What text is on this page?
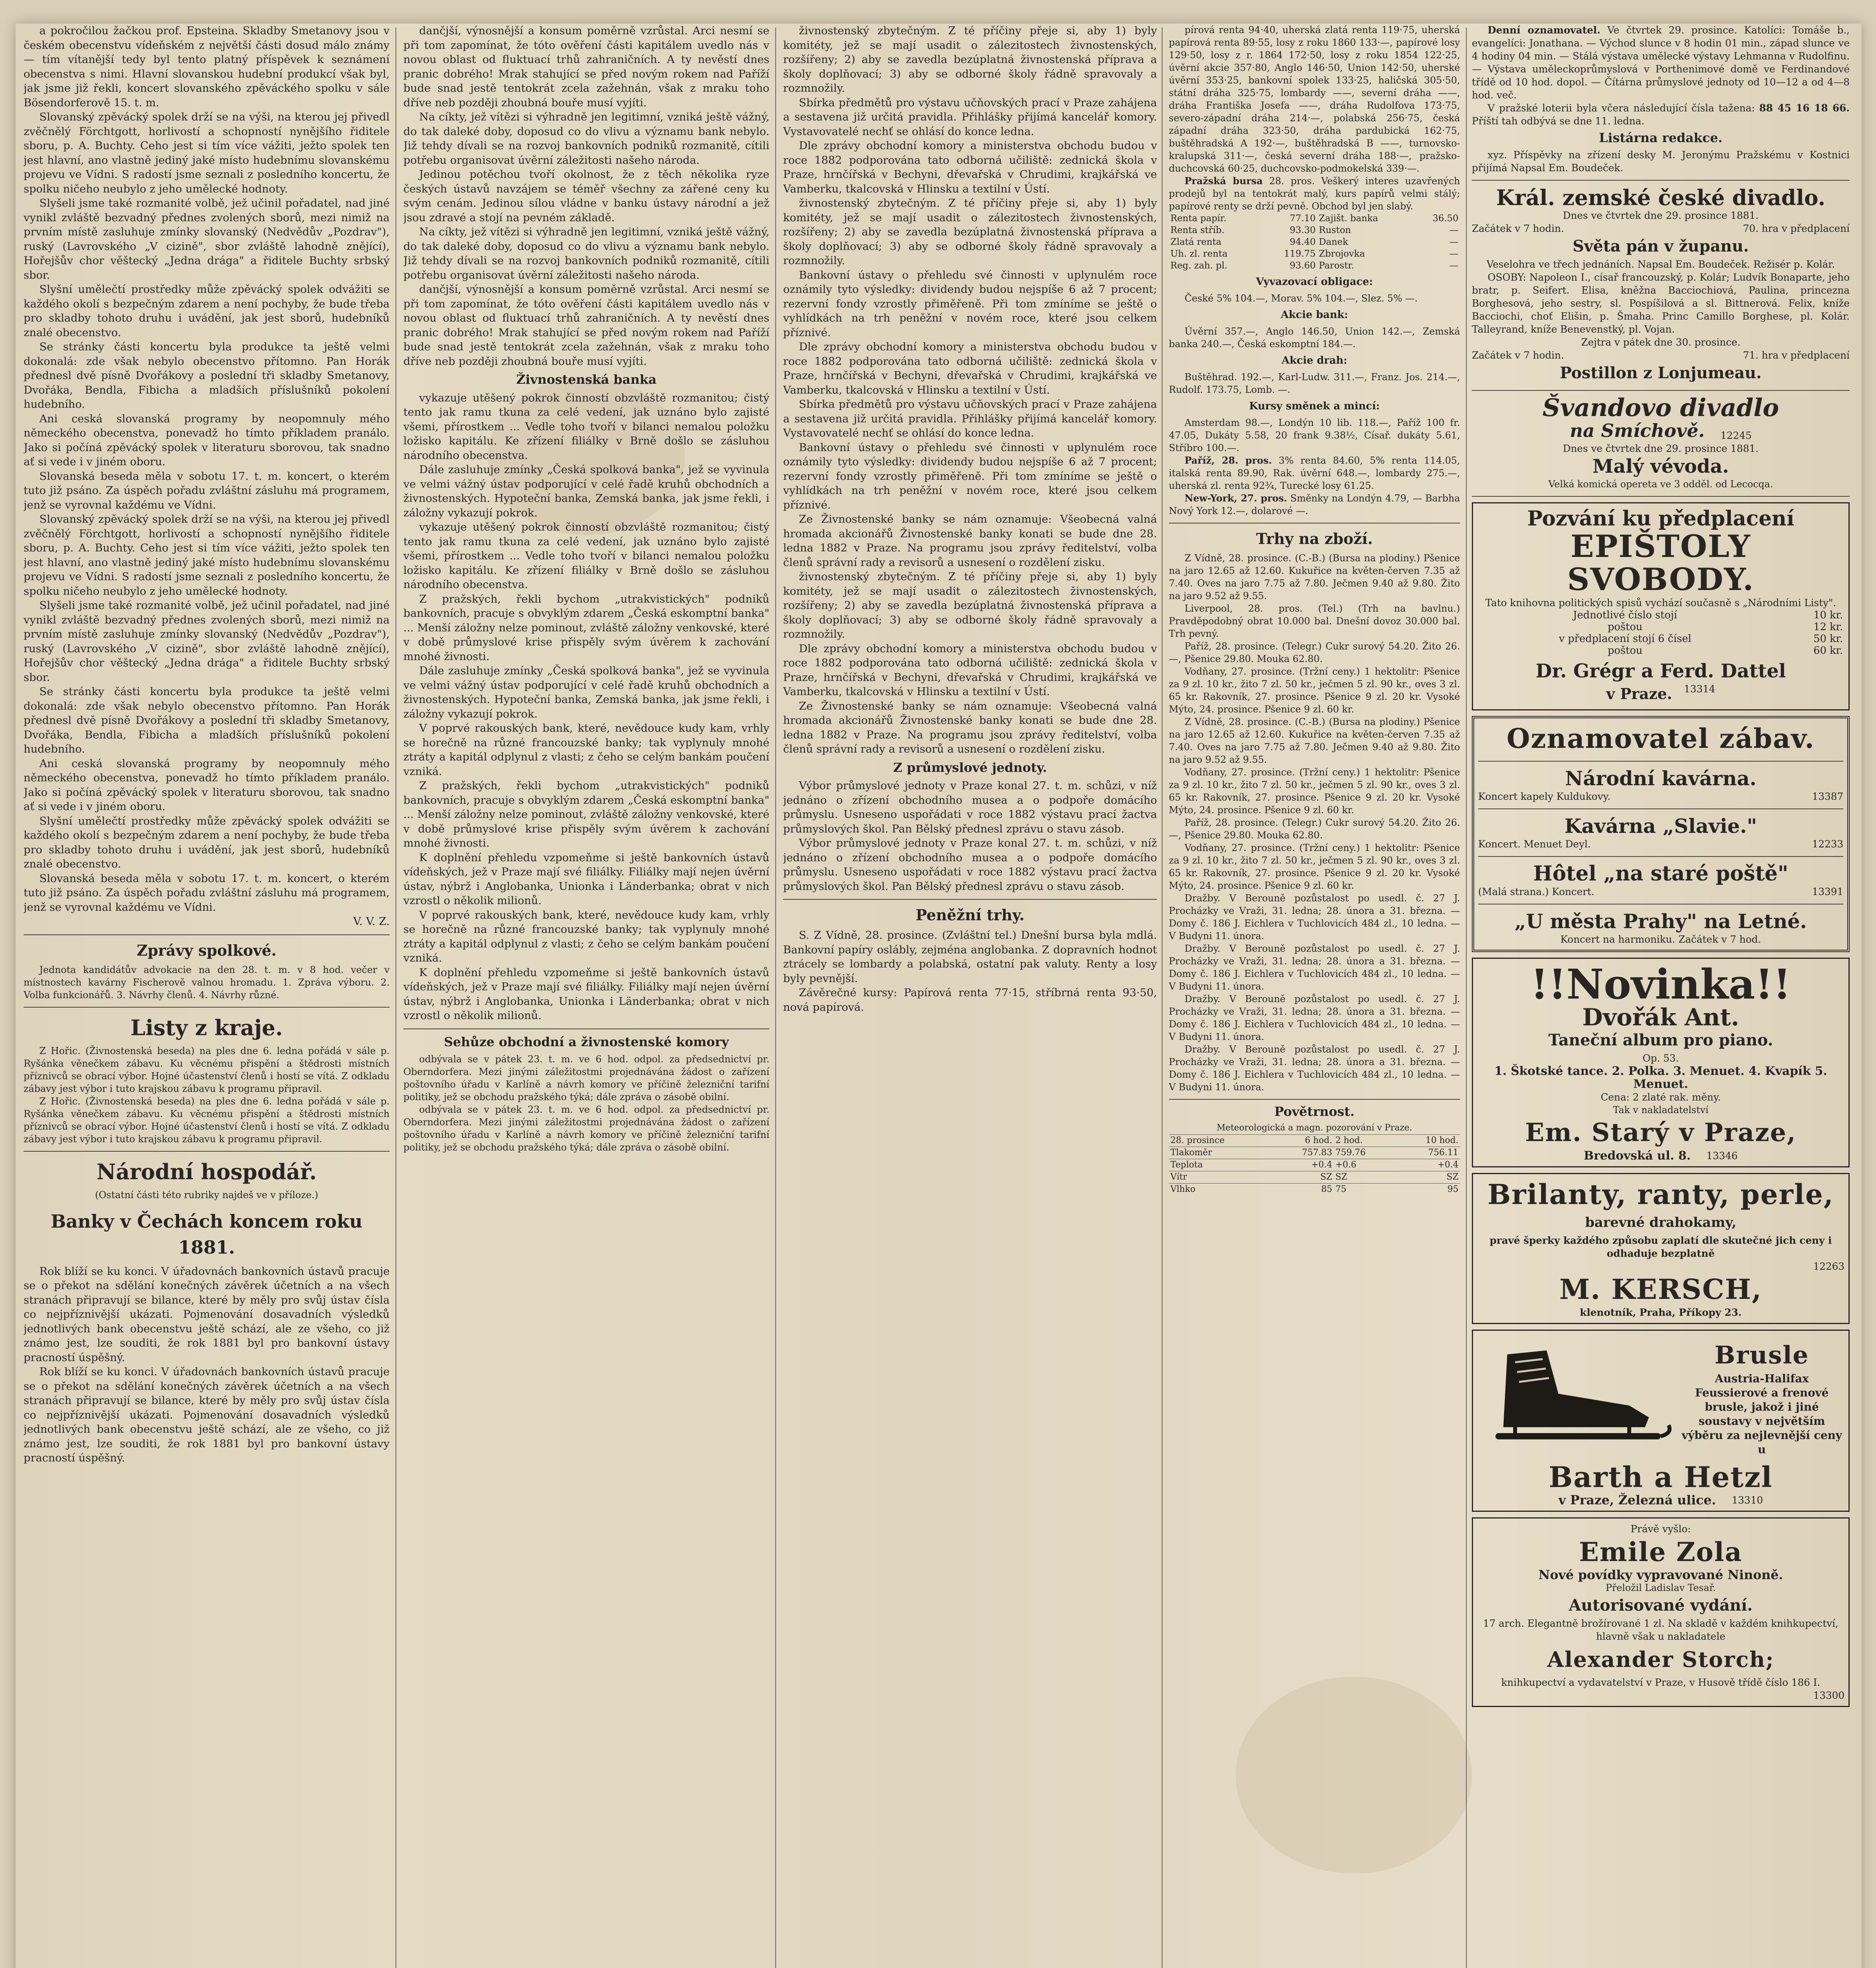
a pokročilou žačkou prof. Epsteina. Skladby Smetanovy jsou v českém obecenstvu vídeňském z největší části dosud málo známy — tím vítanější tedy byl tento platný příspěvek k seznámení obecenstva s nimi. Hlavní slovanskou hudební produkcí však byl, jak jsme již řekli, koncert slovanského zpěváckého spolku v sále Bösendorferově 15. t. m.

Slovanský zpěvácký spolek drží se na výši, na kterou jej přivedl zvěčnělý Förchtgott, horlivostí a schopností nynějšího řiditele sboru, p. A. Buchty. Ceho jest si tím více vážiti, ježto spolek ten jest hlavní, ano vlastně jediný jaké místo hudebnímu slovanskému projevu ve Vídni. S radostí jsme seznali z posledního koncertu, že spolku ničeho neubylo z jeho umělecké hodnoty.

Slyšeli jsme také rozmanité volbě, jež učinil pořadatel, nad jiné vynikl zvláště bezvadný přednes zvolených sborů, mezi nimiž na prvním místě zasluhuje zmínky slovanský (Nedvědův „Pozdrav"), ruský (Lavrovského „V cizině", sbor zvláště lahodně znějící), Hořejšův chor věštecký „Jedna drága" a řiditele Buchty srbský sbor.

Slyšní umělečtí prostředky může zpěvácký spolek odvážiti se každého okolí s bezpečným zdarem a není pochyby, že bude třeba pro skladby tohoto druhu i uvádění, jak jest sborů, hudebníků znalé obecenstvo.

Se stránky části koncertu byla produkce ta ještě velmi dokonalá: zde však nebylo obecenstvo přítomno. Pan Horák přednesl dvě písně Dvořákovy a poslední tři skladby Smetanovy, Dvořáka, Bendla, Fibicha a mladších příslušníků pokolení hudebního.

Ani ceská slovanská programy by neopomnuly mého německého obecenstva, ponevadž ho tímto příkladem pranálo. Jako si počíná zpěvácký spolek v literaturu sborovou, tak snadno ať si vede i v jiném oboru.

Slovanská beseda měla v sobotu 17. t. m. koncert, o kterém tuto již psáno. Za úspěch pořadu zvláštní zásluhu má programem, jenž se vyrovnal každému ve Vídni.

Slovanský zpěvácký spolek drží se na výši, na kterou jej přivedl zvěčnělý Förchtgott, horlivostí a schopností nynějšího řiditele sboru, p. A. Buchty. Ceho jest si tím více vážiti, ježto spolek ten jest hlavní, ano vlastně jediný jaké místo hudebnímu slovanskému projevu ve Vídni. S radostí jsme seznali z posledního koncertu, že spolku ničeho neubylo z jeho umělecké hodnoty.

Slyšeli jsme také rozmanité volbě, jež učinil pořadatel, nad jiné vynikl zvláště bezvadný přednes zvolených sborů, mezi nimiž na prvním místě zasluhuje zmínky slovanský (Nedvědův „Pozdrav"), ruský (Lavrovského „V cizině", sbor zvláště lahodně znějící), Hořejšův chor věštecký „Jedna drága" a řiditele Buchty srbský sbor.

Se stránky části koncertu byla produkce ta ještě velmi dokonalá: zde však nebylo obecenstvo přítomno. Pan Horák přednesl dvě písně Dvořákovy a poslední tři skladby Smetanovy, Dvořáka, Bendla, Fibicha a mladších příslušníků pokolení hudebního.

Ani ceská slovanská programy by neopomnuly mého německého obecenstva, ponevadž ho tímto příkladem pranálo. Jako si počíná zpěvácký spolek v literaturu sborovou, tak snadno ať si vede i v jiném oboru.

Slyšní umělečtí prostředky může zpěvácký spolek odvážiti se každého okolí s bezpečným zdarem a není pochyby, že bude třeba pro skladby tohoto druhu i uvádění, jak jest sborů, hudebníků znalé obecenstvo.

Slovanská beseda měla v sobotu 17. t. m. koncert, o kterém tuto již psáno. Za úspěch pořadu zvláštní zásluhu má programem, jenž se vyrovnal každému ve Vídni.

V. V. Z.
Zprávy spolkové.

Jednota kandidátův advokacie na den 28. t. m. v 8 hod. večer v místnostech kavárny Fischerově valnou hromadu. 1. Zpráva výboru. 2. Volba funkcionářů. 3. Návrhy členů. 4. Návrhy různé.

Listy z kraje.

Z Hořic. (Živnostenská beseda) na ples dne 6. ledna pořádá v sále p. Ryšánka věnečkem zábavu. Ku věcnému přispění a štědrosti místních příznivců se obrací výbor. Hojné účastenství členů i hostí se vítá. Z odkladu zábavy jest výbor i tuto krajskou zábavu k programu připravil.

Z Hořic. (Živnostenská beseda) na ples dne 6. ledna pořádá v sále p. Ryšánka věnečkem zábavu. Ku věcnému přispění a štědrosti místních příznivců se obrací výbor. Hojné účastenství členů i hostí se vítá. Z odkladu zábavy jest výbor i tuto krajskou zábavu k programu připravil.

Národní hospodář.
(Ostatní části této rubriky najdeš ve v příloze.)
Banky v Čechách koncem roku 1881.

Rok blíží se ku konci. V úřadovnách bankovních ústavů pracuje se o překot na sdělání konečných závěrek účetních a na všech stranách připravují se bilance, které by měly pro svůj ústav čísla co nejpříznivější ukázati. Pojmenování dosavadních výsledků jednotlivých bank obecenstvu ještě schází, ale ze všeho, co již známo jest, lze souditi, že rok 1881 byl pro bankovní ústavy pracností úspěšný.

Rok blíží se ku konci. V úřadovnách bankovních ústavů pracuje se o překot na sdělání konečných závěrek účetních a na všech stranách připravují se bilance, které by měly pro svůj ústav čísla co nejpříznivější ukázati. Pojmenování dosavadních výsledků jednotlivých bank obecenstvu ještě schází, ale ze všeho, co již známo jest, lze souditi, že rok 1881 byl pro bankovní ústavy pracností úspěšný.

dančjší, výnosnější a konsum poměrně vzrůstal. Arci nesmí se při tom zapomínat, že tóto ověření části kapitálem uvedlo nás v novou oblast od fluktuací trhů zahraničních. A ty nevěstí dnes pranic dobrého! Mrak stahující se před novým rokem nad Paříží bude snad jestě tentokrát zcela zažehnán, však z mraku toho dříve neb později zhoubná bouře musí vyjíti.

Na cíkty, jež vítězi si výhradně jen legitimní, vzniká ještě vážný, do tak daleké doby, doposud co do vlivu a významu bank nebylo. Již tehdy dívali se na rozvoj bankovních podniků rozmanitě, cítili potřebu organisovat úvěrní záležitosti našeho národa.

Jedinou potěchou tvoří okolnost, že z těch několika ryze českých ústavů navzájem se téměř všechny za zářené ceny ku svým cenám. Jedinou sílou vládne v banku ústavy národní a jež jsou zdravé a stojí na pevném základě.

Na cíkty, jež vítězi si výhradně jen legitimní, vzniká ještě vážný, do tak daleké doby, doposud co do vlivu a významu bank nebylo. Již tehdy dívali se na rozvoj bankovních podniků rozmanitě, cítili potřebu organisovat úvěrní záležitosti našeho národa.

dančjší, výnosnější a konsum poměrně vzrůstal. Arci nesmí se při tom zapomínat, že tóto ověření části kapitálem uvedlo nás v novou oblast od fluktuací trhů zahraničních. A ty nevěstí dnes pranic dobrého! Mrak stahující se před novým rokem nad Paříží bude snad jestě tentokrát zcela zažehnán, však z mraku toho dříve neb později zhoubná bouře musí vyjíti.

Živnostenská banka

vykazuje utěšený pokrok činností obzvláště rozmanitou; čistý tento jak ramu tkuna za celé vedení, jak uznáno bylo zajisté všemi, přírostkem ... Vedle toho tvoří v bilanci nemalou položku ložisko kapitálu. Ke zřízení filiálky v Brně došlo se zásluhou národního obecenstva.

Dále zasluhuje zmínky „Česká spolková banka", jež se vyvinula ve velmi vážný ústav podporující v celé řadě kruhů obchodních a živnostenských. Hypoteční banka, Zemská banka, jak jsme řekli, i záložny vykazují pokrok.

vykazuje utěšený pokrok činností obzvláště rozmanitou; čistý tento jak ramu tkuna za celé vedení, jak uznáno bylo zajisté všemi, přírostkem ... Vedle toho tvoří v bilanci nemalou položku ložisko kapitálu. Ke zřízení filiálky v Brně došlo se zásluhou národního obecenstva.

Z pražských, řekli bychom „utrakvistických" podniků bankovních, pracuje s obvyklým zdarem „Česká eskomptní banka" ... Menší záložny nelze pominout, zvláště záložny venkovské, které v době průmyslové krise přispěly svým úvěrem k zachování mnohé živnosti.

Dále zasluhuje zmínky „Česká spolková banka", jež se vyvinula ve velmi vážný ústav podporující v celé řadě kruhů obchodních a živnostenských. Hypoteční banka, Zemská banka, jak jsme řekli, i záložny vykazují pokrok.

V poprvé rakouských bank, které, nevědouce kudy kam, vrhly se horečně na různé francouzské banky; tak vyplynuly mnohé ztráty a kapitál odplynul z vlasti; z čeho se celým bankám poučení vzniká.

Z pražských, řekli bychom „utrakvistických" podniků bankovních, pracuje s obvyklým zdarem „Česká eskomptní banka" ... Menší záložny nelze pominout, zvláště záložny venkovské, které v době průmyslové krise přispěly svým úvěrem k zachování mnohé živnosti.

K doplnění přehledu vzpomeňme si ještě bankovních ústavů vídeňských, jež v Praze mají své filiálky. Filiálky mají nejen úvěrní ústav, nýbrž i Anglobanka, Unionka i Länderbanka; obrat v nich vzrostl o několik milionů.

V poprvé rakouských bank, které, nevědouce kudy kam, vrhly se horečně na různé francouzské banky; tak vyplynuly mnohé ztráty a kapitál odplynul z vlasti; z čeho se celým bankám poučení vzniká.

K doplnění přehledu vzpomeňme si ještě bankovních ústavů vídeňských, jež v Praze mají své filiálky. Filiálky mají nejen úvěrní ústav, nýbrž i Anglobanka, Unionka i Länderbanka; obrat v nich vzrostl o několik milionů.

Sehůze obchodní a živnostenské komory

odbývala se v pátek 23. t. m. ve 6 hod. odpol. za předsednictví pr. Oberndorfera. Mezi jinými záležitostmi projednávána žádost o zařízení poštovního úřadu v Karlíně a návrh komory ve příčině železniční tarifní politiky, jež se obchodu pražského týká; dále zpráva o zásobě obilní.

odbývala se v pátek 23. t. m. ve 6 hod. odpol. za předsednictví pr. Oberndorfera. Mezi jinými záležitostmi projednávána žádost o zařízení poštovního úřadu v Karlíně a návrh komory ve příčině železniční tarifní politiky, jež se obchodu pražského týká; dále zpráva o zásobě obilní.

živnostenský zbytečným. Z té příčiny přeje si, aby 1) byly komitéty, jež se mají usadit o zálezitostech živnostenských, rozšířeny; 2) aby se zavedla bezúplatná živnostenská příprava a školy doplňovací; 3) aby se odborné školy řádně spravovaly a rozmnožily.

Sbírka předmětů pro výstavu učňovských prací v Praze zahájena a sestavena již určitá pravidla. Přihlášky přijímá kancelář komory. Vystavovatelé nechť se ohlásí do konce ledna.

Dle zprávy obchodní komory a ministerstva obchodu budou v roce 1882 podporována tato odborná učiliště: zednická škola v Praze, hrnčířská v Bechyni, dřevařská v Chrudimi, krajkářská ve Vamberku, tkalcovská v Hlinsku a textilní v Ústí.

živnostenský zbytečným. Z té příčiny přeje si, aby 1) byly komitéty, jež se mají usadit o zálezitostech živnostenských, rozšířeny; 2) aby se zavedla bezúplatná živnostenská příprava a školy doplňovací; 3) aby se odborné školy řádně spravovaly a rozmnožily.

Bankovní ústavy o přehledu své činnosti v uplynulém roce oznámily tyto výsledky: dividendy budou nejspíše 6 až 7 procent; rezervní fondy vzrostly přiměřeně. Při tom zmíníme se ještě o vyhlídkách na trh peněžní v novém roce, které jsou celkem příznivé.

Dle zprávy obchodní komory a ministerstva obchodu budou v roce 1882 podporována tato odborná učiliště: zednická škola v Praze, hrnčířská v Bechyni, dřevařská v Chrudimi, krajkářská ve Vamberku, tkalcovská v Hlinsku a textilní v Ústí.

Sbírka předmětů pro výstavu učňovských prací v Praze zahájena a sestavena již určitá pravidla. Přihlášky přijímá kancelář komory. Vystavovatelé nechť se ohlásí do konce ledna.

Bankovní ústavy o přehledu své činnosti v uplynulém roce oznámily tyto výsledky: dividendy budou nejspíše 6 až 7 procent; rezervní fondy vzrostly přiměřeně. Při tom zmíníme se ještě o vyhlídkách na trh peněžní v novém roce, které jsou celkem příznivé.

Ze Živnostenské banky se nám oznamuje: Všeobecná valná hromada akcionářů Živnostenské banky konati se bude dne 28. ledna 1882 v Praze. Na programu jsou zprávy ředitelství, volba členů správní rady a revisorů a usnesení o rozdělení zisku.

živnostenský zbytečným. Z té příčiny přeje si, aby 1) byly komitéty, jež se mají usadit o zálezitostech živnostenských, rozšířeny; 2) aby se zavedla bezúplatná živnostenská příprava a školy doplňovací; 3) aby se odborné školy řádně spravovaly a rozmnožily.

Dle zprávy obchodní komory a ministerstva obchodu budou v roce 1882 podporována tato odborná učiliště: zednická škola v Praze, hrnčířská v Bechyni, dřevařská v Chrudimi, krajkářská ve Vamberku, tkalcovská v Hlinsku a textilní v Ústí.

Ze Živnostenské banky se nám oznamuje: Všeobecná valná hromada akcionářů Živnostenské banky konati se bude dne 28. ledna 1882 v Praze. Na programu jsou zprávy ředitelství, volba členů správní rady a revisorů a usnesení o rozdělení zisku.

Z průmyslové jednoty.

Výbor průmyslové jednoty v Praze konal 27. t. m. schůzi, v níž jednáno o zřízení obchodního musea a o podpoře domácího průmyslu. Usneseno uspořádati v roce 1882 výstavu prací žactva průmyslových škol. Pan Bělský přednesl zprávu o stavu zásob.

Výbor průmyslové jednoty v Praze konal 27. t. m. schůzi, v níž jednáno o zřízení obchodního musea a o podpoře domácího průmyslu. Usneseno uspořádati v roce 1882 výstavu prací žactva průmyslových škol. Pan Bělský přednesl zprávu o stavu zásob.

Peněžní trhy.

S. Z Vídně, 28. prosince. (Zvláštní tel.) Dnešní bursa byla mdlá. Bankovní papíry oslábly, zejména anglobanka. Z dopravních hodnot ztrácely se lombardy a polabská, ostatní pak valuty. Renty a losy byly pevnější.

Závěrečné kursy: Papírová renta 77·15, stříbrná renta 93·50, nová papírová.

pírová renta 94·40, uherská zlatá renta 119·75, uherská papírová renta 89·55, losy z roku 1860 133·—, papírové losy 129·50, losy z r. 1864 172·50, losy z roku 1854 122·25, úvěrní akcie 357·80, Anglo 146·50, Union 142·50, uherské úvěrní 353·25, bankovní spolek 133·25, haličská 305·50, státní dráha 325·75, lombardy ——, severní dráha ——, dráha Františka Josefa ——, dráha Rudolfova 173·75, severo-západní dráha 214·—, polabská 256·75, česká západní dráha 323·50, dráha pardubická 162·75, buštěhradská A 192·—, buštěhradská B ——, turnovsko-kralupská 311·—, česká severní dráha 188·—, pražsko-duchcovská 60·25, duchcovsko-podmokelská 339·—.

Pražská bursa 28. pros. Veškerý interes uzavřených prodejů byl na tentokrát malý, kurs papírů velmi stálý; papírové renty se drží pevně. Obchod byl jen slabý.

Renta papír.	77.10	Zajišt. banka	36.50
Renta stříb.	93.30	Ruston	—
Zlatá renta	94.40	Danek	—
Uh. zl. renta	119.75	Zbrojovka	—
Reg. zah. pl.	93.60	Parostr.	—
Vyvazovací obligace:

České 5% 104.—, Morav. 5% 104.—, Slez. 5% —.

Akcie bank:

Úvěrní 357.—, Anglo 146.50, Union 142.—, Zemská banka 240.—, Česká eskomptní 184.—.

Akcie drah:

Buštěhrad. 192.—, Karl-Ludw. 311.—, Franz. Jos. 214.—, Rudolf. 173.75, Lomb. —.

Kursy směnek a mincí:

Amsterdam 98.—, Londýn 10 lib. 118.—, Paříž 100 fr. 47.05, Dukáty 5.58, 20 frank 9.38½, Císař. dukáty 5.61, Stříbro 100.—.

Paříž, 28. pros. 3% renta 84.60, 5% renta 114.05, italská renta 89.90, Rak. úvěrní 648.—, lombardy 275.—, uherská zl. renta 92¾, Turecké losy 61.25.

New-York, 27. pros. Směnky na Londýn 4.79, — Barbha Nový York 12.—, dolarové —.

Trhy na zboží.

Z Vídně, 28. prosince. (C.-B.) (Bursa na plodiny.) Pšenice na jaro 12.65 až 12.60. Kukuřice na květen-červen 7.35 až 7.40. Oves na jaro 7.75 až 7.80. Ječmen 9.40 až 9.80. Žito na jaro 9.52 až 9.55.

Liverpool, 28. pros. (Tel.) (Trh na bavlnu.) Pravděpodobný obrat 10.000 bal. Dnešní dovoz 30.000 bal. Trh pevný.

Paříž, 28. prosince. (Telegr.) Cukr surový 54.20. Žito 26.—, Pšenice 29.80. Mouka 62.80.

Vodňany, 27. prosince. (Tržní ceny.) 1 hektolitr: Pšenice za 9 zl. 10 kr., žito 7 zl. 50 kr., ječmen 5 zl. 90 kr., oves 3 zl. 65 kr. Rakovník, 27. prosince. Pšenice 9 zl. 20 kr. Vysoké Mýto, 24. prosince. Pšenice 9 zl. 60 kr.

Z Vídně, 28. prosince. (C.-B.) (Bursa na plodiny.) Pšenice na jaro 12.65 až 12.60. Kukuřice na květen-červen 7.35 až 7.40. Oves na jaro 7.75 až 7.80. Ječmen 9.40 až 9.80. Žito na jaro 9.52 až 9.55.

Vodňany, 27. prosince. (Tržní ceny.) 1 hektolitr: Pšenice za 9 zl. 10 kr., žito 7 zl. 50 kr., ječmen 5 zl. 90 kr., oves 3 zl. 65 kr. Rakovník, 27. prosince. Pšenice 9 zl. 20 kr. Vysoké Mýto, 24. prosince. Pšenice 9 zl. 60 kr.

Paříž, 28. prosince. (Telegr.) Cukr surový 54.20. Žito 26.—, Pšenice 29.80. Mouka 62.80.

Vodňany, 27. prosince. (Tržní ceny.) 1 hektolitr: Pšenice za 9 zl. 10 kr., žito 7 zl. 50 kr., ječmen 5 zl. 90 kr., oves 3 zl. 65 kr. Rakovník, 27. prosince. Pšenice 9 zl. 20 kr. Vysoké Mýto, 24. prosince. Pšenice 9 zl. 60 kr.

Dražby. V Berouně pozůstalost po usedl. č. 27 J. Procházky ve Vraži, 31. ledna; 28. února a 31. března. — Domy č. 186 J. Eichlera v Tuchlovicích 484 zl., 10 ledna. — V Budyni 11. února.

Dražby. V Berouně pozůstalost po usedl. č. 27 J. Procházky ve Vraži, 31. ledna; 28. února a 31. března. — Domy č. 186 J. Eichlera v Tuchlovicích 484 zl., 10 ledna. — V Budyni 11. února.

Dražby. V Berouně pozůstalost po usedl. č. 27 J. Procházky ve Vraži, 31. ledna; 28. února a 31. března. — Domy č. 186 J. Eichlera v Tuchlovicích 484 zl., 10 ledna. — V Budyni 11. února.

Dražby. V Berouně pozůstalost po usedl. č. 27 J. Procházky ve Vraži, 31. ledna; 28. února a 31. března. — Domy č. 186 J. Eichlera v Tuchlovicích 484 zl., 10 ledna. — V Budyni 11. února.

Povětrnost.
Meteorologická a magn. pozorování v Praze.
28. prosince	6 hod.	2 hod.	10 hod.
Tlakoměr	757.83	759.76	756.11
Teplota	+0.4	+0.6	+0.4
Vítr	SZ	SZ	SZ
Vlhko	85	75	95

Denní oznamovatel. Ve čtvrtek 29. prosince. Katolíci: Tomáše b., evangelíci: Jonathana. — Východ slunce v 8 hodin 01 min., západ slunce ve 4 hodiny 04 min. — Stálá výstava umělecké výstavy Lehmanna v Rudolfinu. — Výstava uměleckoprůmyslová v Porthenimové domě ve Ferdinandové třídě od 10 hod. dopol. — Čítárna průmyslové jednoty od 10—12 a od 4—8 hod. več.

V pražské loterii byla včera následující čísla tažena: 88 45 16 18 66. Příští tah odbývá se dne 11. ledna.

Listárna redakce.

xyz. Příspěvky na zřízení desky M. Jeronýmu Pražskému v Kostnici přijímá Napsal Em. Boudeček.

Král. zemské české divadlo.
Dnes ve čtvrtek dne 29. prosince 1881.
Začátek v 7 hodin.	70. hra v předplacení
Světa pán v županu.
Veselohra ve třech jednáních. Napsal Em. Boudeček. Režisér p. Kolár.

OSOBY: Napoleon I., císař francouzský, p. Kolár; Ludvík Bonaparte, jeho bratr, p. Seifert. Elisa, kněžna Bacciochiová, Paulina, princezna Borghesová, jeho sestry, sl. Pospíšilová a sl. Bittnerová. Felix, kníže Bacciochi, choť Elišin, p. Šmaha. Princ Camillo Borghese, pl. Kolár. Talleyrand, kníže Benevenstký, pl. Vojan.

Zejtra v pátek dne 30. prosince.
Začátek v 7 hodin.	71. hra v předplacení
Postillon z Lonjumeau.
Švandovo divadlo
na Smíchově. 12245
Dnes ve čtvrtek dne 29. prosince 1881.
Malý vévoda.
Velká komická opereta ve 3 odděl. od Lecocqa.
Pozvání ku předplacení
EPIŠTOLY SVOBODY.

Tato knihovna politických spisů vychází současně s „Národními Listy".

Jednotlivé číslo stojí	10 kr.
poštou	12 kr.
v předplacení stojí 6 čísel	50 kr.
poštou	60 kr.
Dr. Grégr a Ferd. Dattel
v Praze. 13314
Oznamovatel zábav.
Národní kavárna.
Koncert kapely Kuldukovy.	13387
Kavárna „Slavie."
Koncert. Menuet Deyl.	12233
Hôtel „na staré poště"
(Malá strana.) Koncert.	13391
„U města Prahy" na Letné.
Koncert na harmoniku. Začátek v 7 hod.
!!Novinka!!
Dvořák Ant.
Taneční album pro piano.
Op. 53.
1. Škotské tance. 2. Polka. 3. Menuet. 4. Kvapík 5. Menuet.
Cena: 2 zlaté rak. měny.
Tak v nakladatelství
Em. Starý v Praze,
Bredovská ul. 8. 13346
Brilanty, ranty, perle,
barevné drahokamy,
pravé šperky každého způsobu zaplatí dle skutečné jich ceny i odhaduje bezplatně
12263
M. KERSCH,
klenotník, Praha, Příkopy 23.
Brusle
Austria-Halifax Feussierové a frenové brusle, jakož i jiné soustavy v největším výběru za nejlevnější ceny u
Barth a Hetzl
v Praze, Železná ulice. 13310
Právě vyšlo:
Emile Zola
Nové povídky vypravované Ninoně.
Přeložil Ladislav Tesař.
Autorisované vydání.
17 arch. Elegantně brožírované 1 zl. Na skladě v každém knihkupectví, hlavně však u nakladatele
Alexander Storch;
knihkupectví a vydavatelství v Praze, v Husově třídě číslo 186 I.
13300
